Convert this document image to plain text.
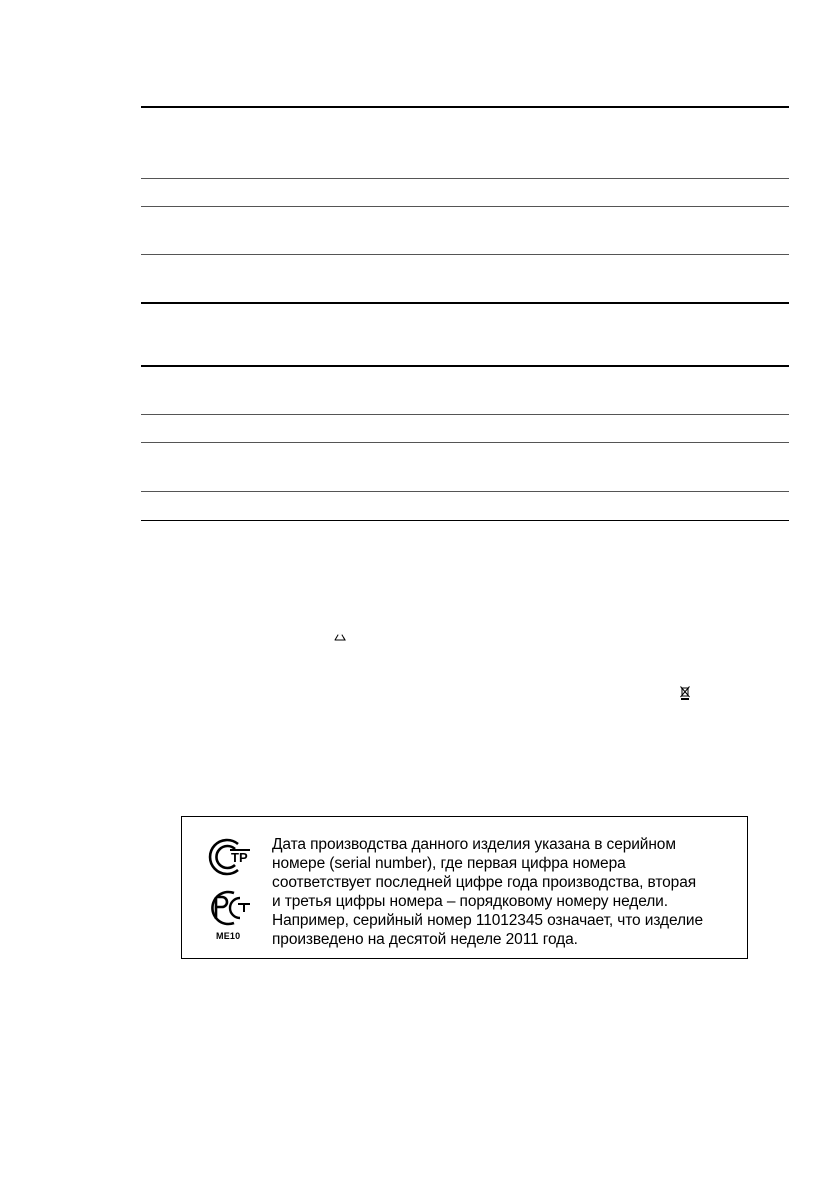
ТР
ME10
Дата производства данного изделия указана в серийном
номере (serial number), где первая цифра номера
соответствует последней цифре года производства, вторая
и третья цифры номера – порядковому номеру недели.
Например, серийный номер 11012345 означает, что изделие
произведено на десятой неделе 2011 года.
